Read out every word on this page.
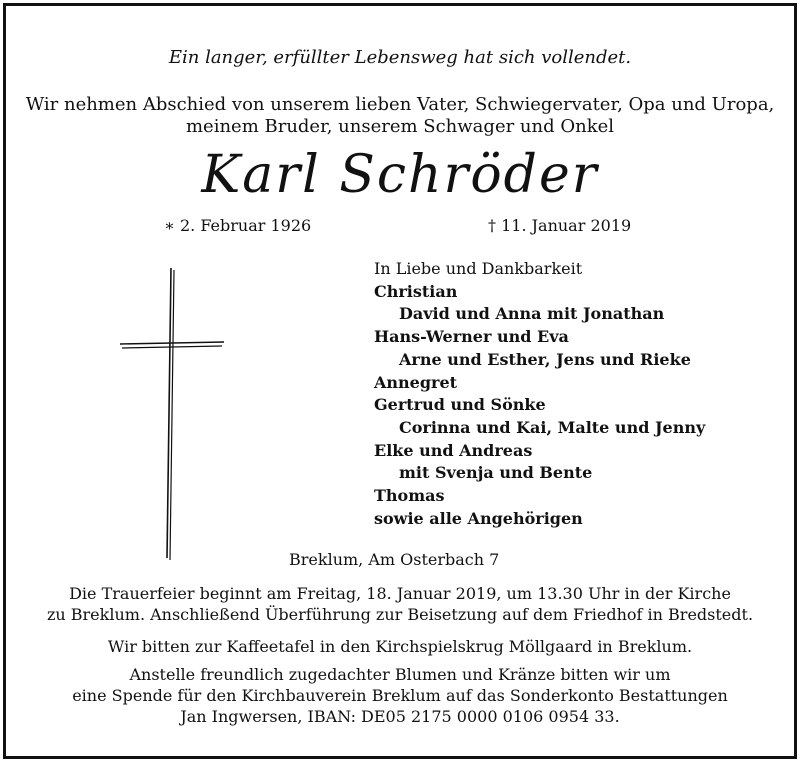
Ein langer, erfüllter Lebensweg hat sich vollendet.
Wir nehmen Abschied von unserem lieben Vater, Schwiegervater, Opa und Uropa,
meinem Bruder, unserem Schwager und Onkel
Karl Schröder
∗ 2. Februar 1926	† 11. Januar 2019
In Liebe und Dankbarkeit
Christian
David und Anna mit Jonathan
Hans-Werner und Eva
Arne und Esther, Jens und Rieke
Annegret
Gertrud und Sönke
Corinna und Kai, Malte und Jenny
Elke und Andreas
mit Svenja und Bente
Thomas
sowie alle Angehörigen
Breklum, Am Osterbach 7
Die Trauerfeier beginnt am Freitag, 18. Januar 2019, um 13.30 Uhr in der Kirche
zu Breklum. Anschließend Überführung zur Beisetzung auf dem Friedhof in Bredstedt.
Wir bitten zur Kaffeetafel in den Kirchspielskrug Möllgaard in Breklum.
Anstelle freundlich zugedachter Blumen und Kränze bitten wir um
eine Spende für den Kirchbauverein Breklum auf das Sonderkonto Bestattungen
Jan Ingwersen, IBAN: DE05 2175 0000 0106 0954 33.
